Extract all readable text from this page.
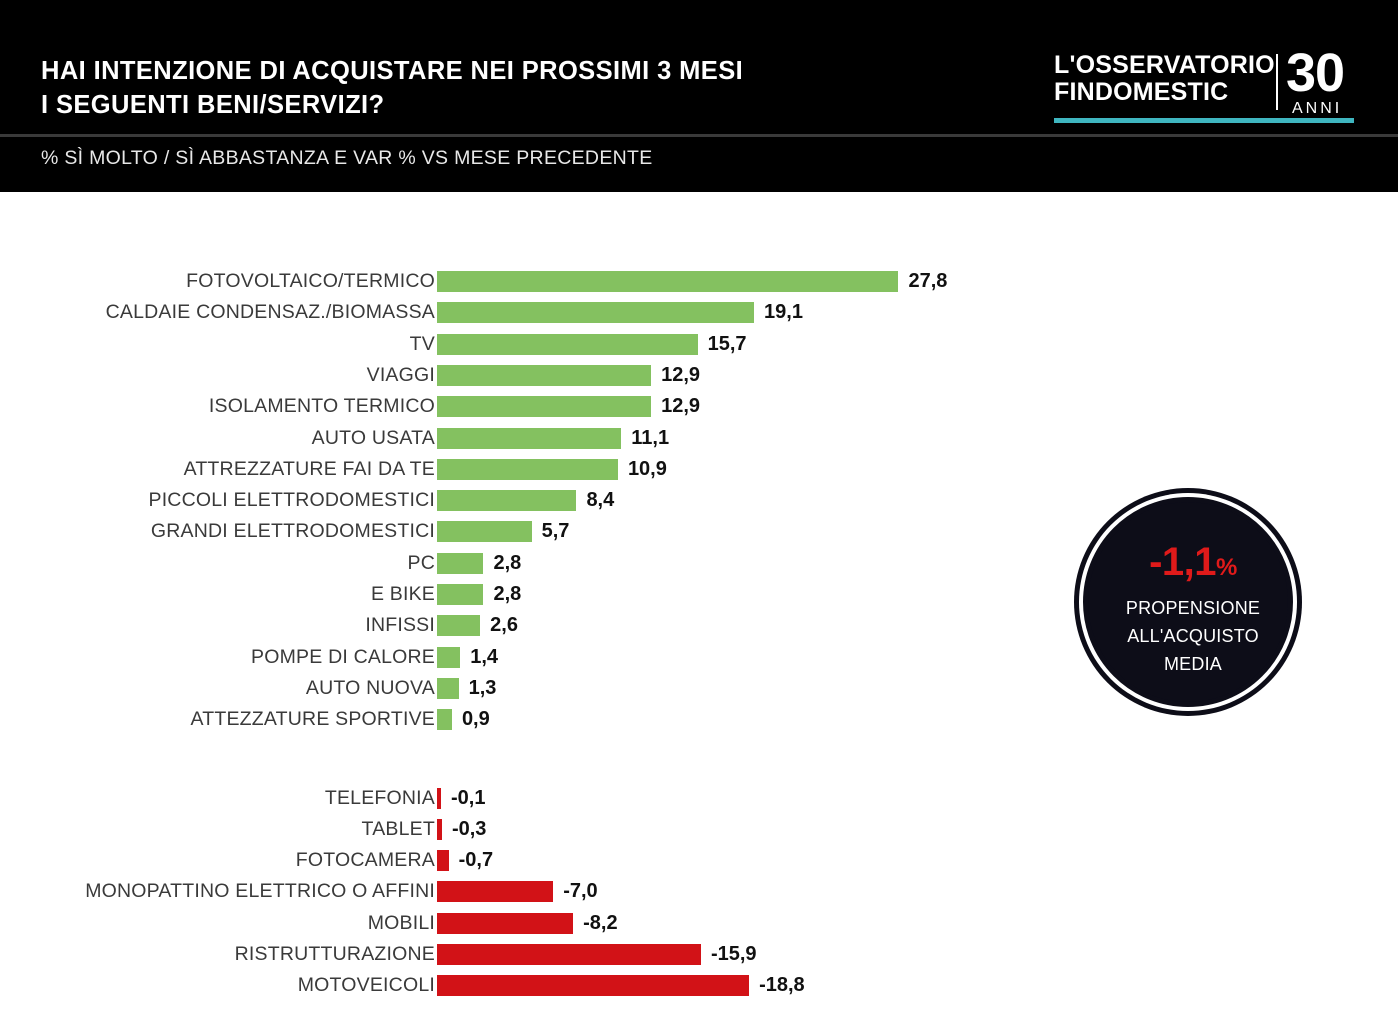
HAI INTENZIONE DI ACQUISTARE NEI PROSSIMI 3 MESI
I SEGUENTI BENI/SERVIZI?
% SÌ MOLTO / SÌ ABBASTANZA E VAR % VS MESE PRECEDENTE
L'OSSERVATORIO
FINDOMESTIC	30
ANNI
FOTOVOLTAICO/TERMICO	27,8
CALDAIE CONDENSAZ./BIOMASSA	19,1
TV	15,7
VIAGGI	12,9
ISOLAMENTO TERMICO	12,9
AUTO USATA	11,1
ATTREZZATURE FAI DA TE	10,9
PICCOLI ELETTRODOMESTICI	8,4
GRANDI ELETTRODOMESTICI	5,7
PC	2,8
E BIKE	2,8
INFISSI	2,6
POMPE DI CALORE 1,4
AUTO NUOVA 1,3
ATTEZZATURE SPORTIVE 0,9
TELEFONIA -0,1
TABLET -0,3
FOTOCAMERA -0,7
MONOPATTINO ELETTRICO O AFFINI	-7,0
MOBILI	-8,2
RISTRUTTURAZIONE	-15,9
MOTOVEICOLI	-18,8
-1,1%
PROPENSIONE
ALL'ACQUISTO
MEDIA
